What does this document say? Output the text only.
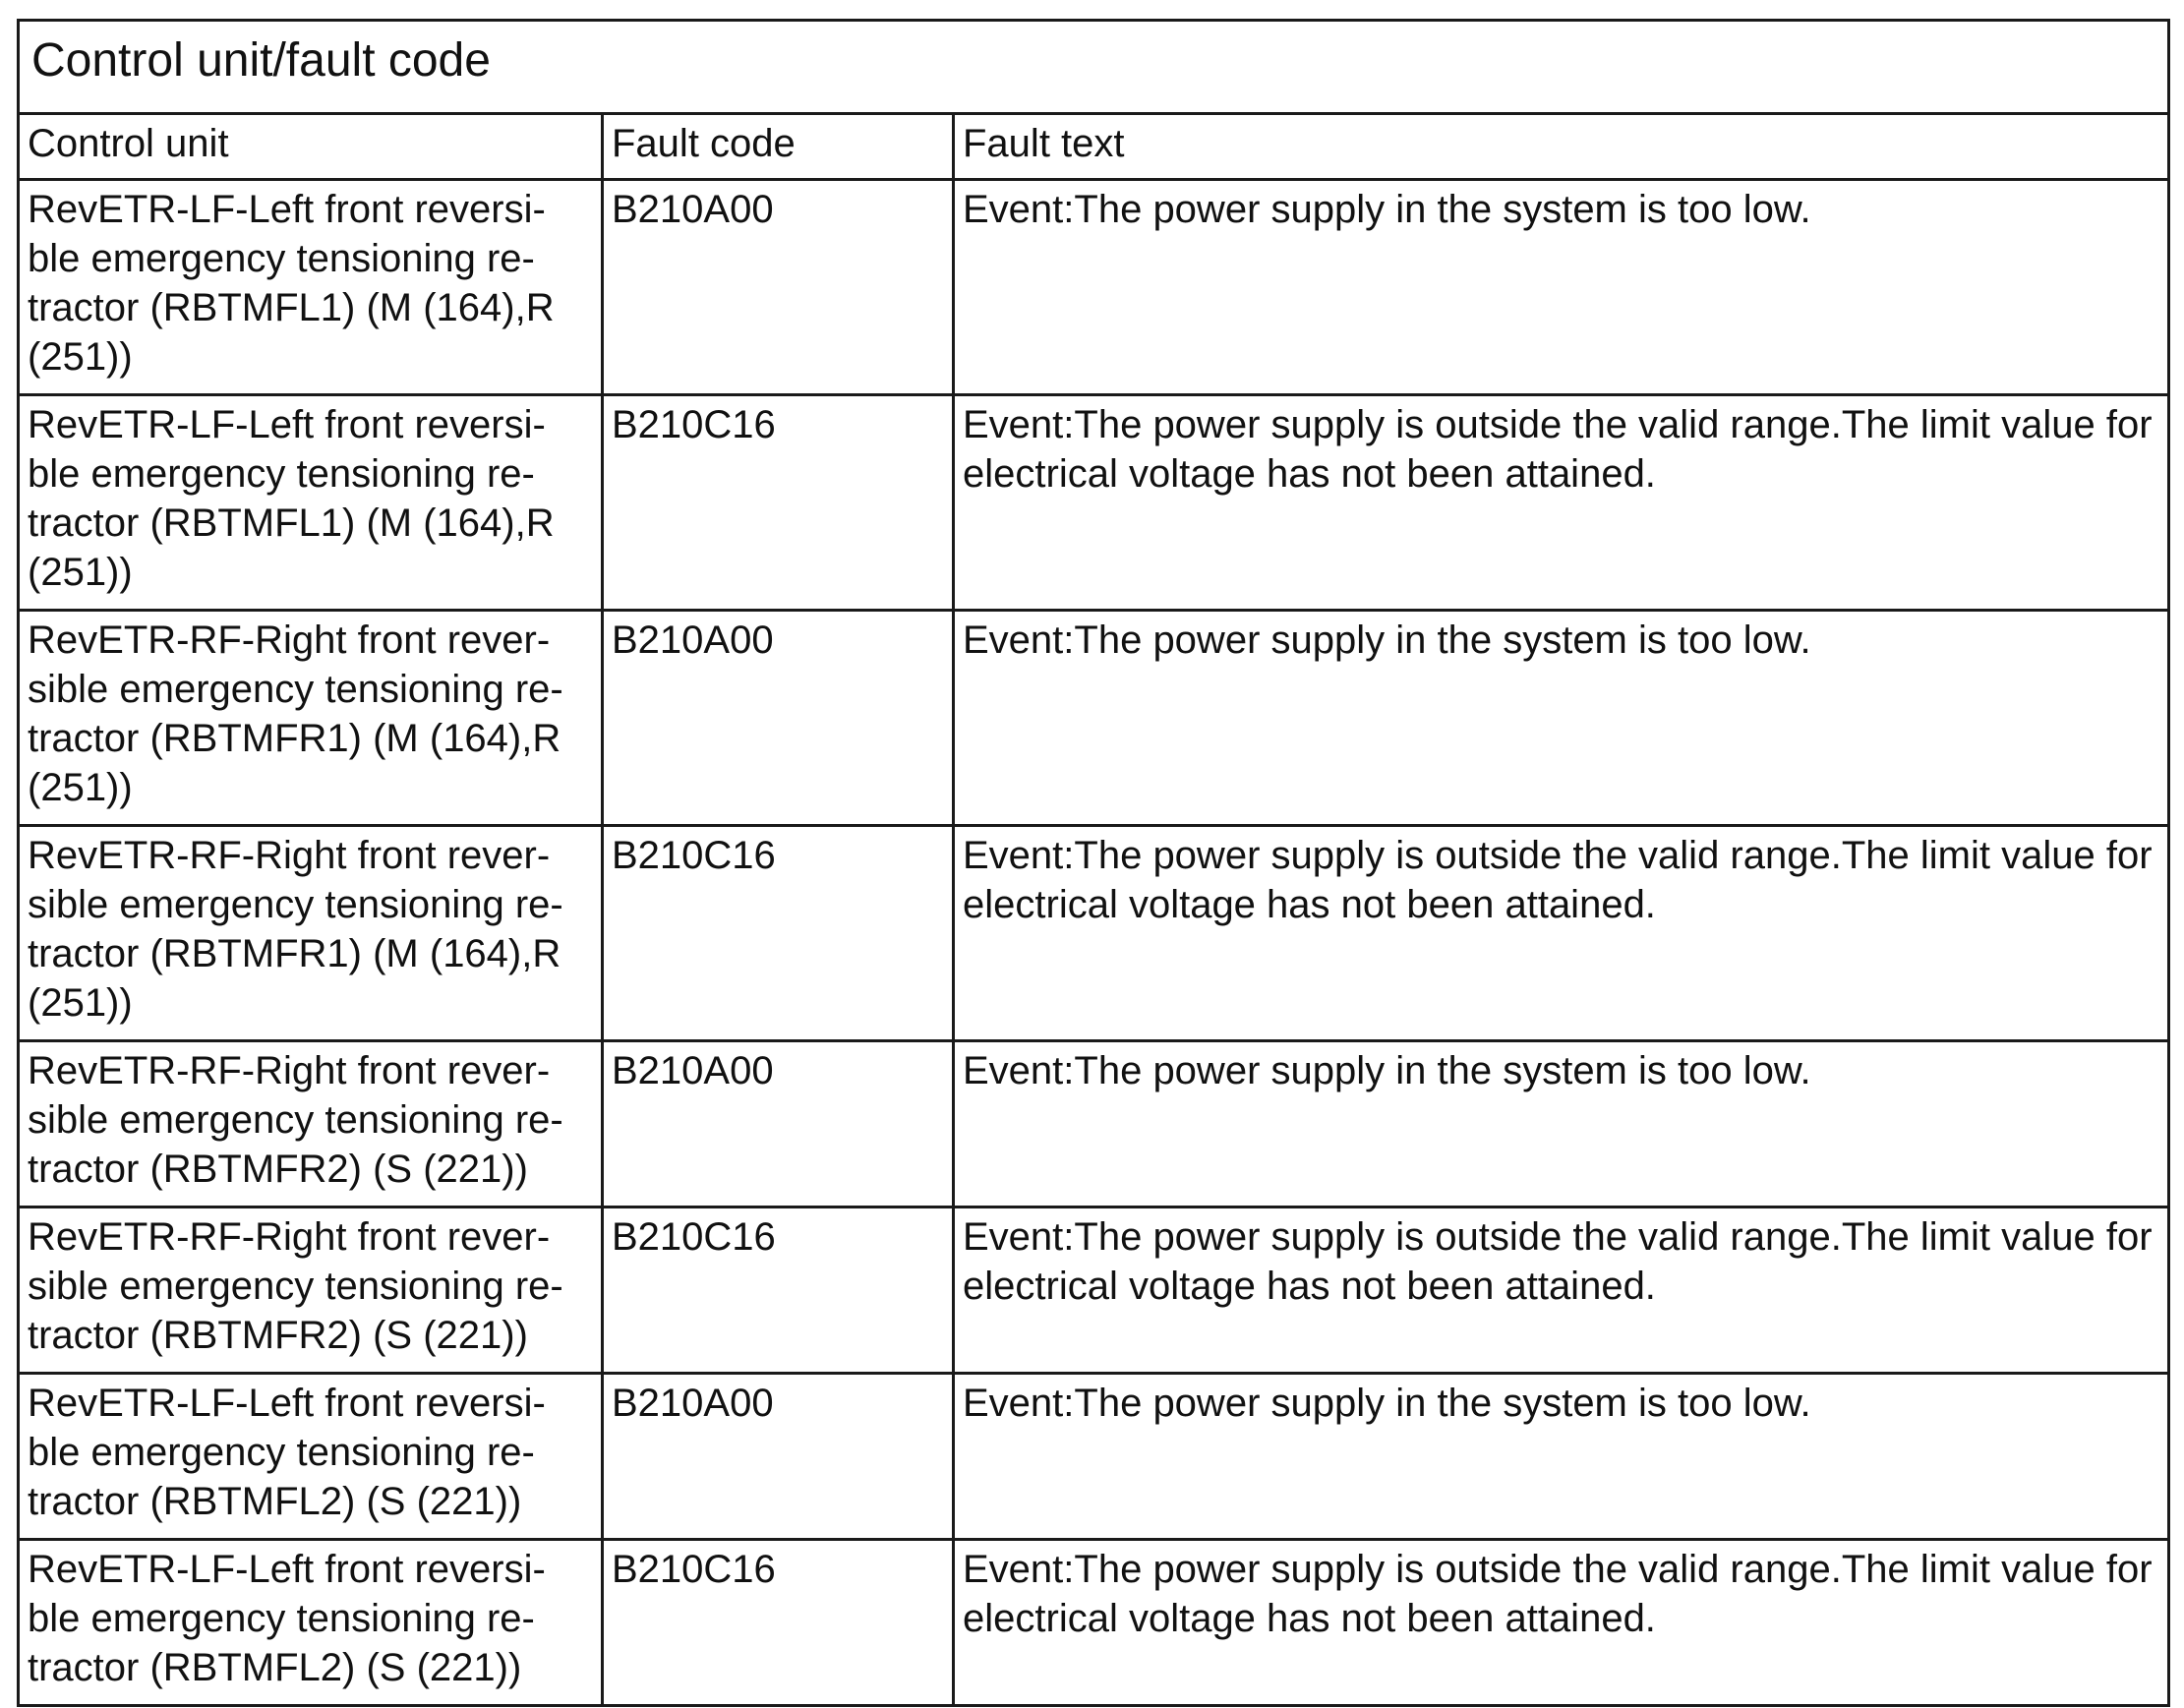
Control unit/fault code		
Control unit	Fault code	Fault text
RevETR-LF-Left front reversi-
ble emergency tensioning re-
tractor (RBTMFL1) (M (164),R
(251))	B210A00	Event:The power supply in the system is too low.
RevETR-LF-Left front reversi-
ble emergency tensioning re-
tractor (RBTMFL1) (M (164),R
(251))	B210C16	Event:The power supply is outside the valid range.The limit value for electrical voltage has not been attained.
RevETR-RF-Right front rever-
sible emergency tensioning re-
tractor (RBTMFR1) (M (164),R
(251))	B210A00	Event:The power supply in the system is too low.
RevETR-RF-Right front rever-
sible emergency tensioning re-
tractor (RBTMFR1) (M (164),R
(251))	B210C16	Event:The power supply is outside the valid range.The limit value for electrical voltage has not been attained.
RevETR-RF-Right front rever-
sible emergency tensioning re-
tractor (RBTMFR2) (S (221))	B210A00	Event:The power supply in the system is too low.
RevETR-RF-Right front rever-
sible emergency tensioning re-
tractor (RBTMFR2) (S (221))	B210C16	Event:The power supply is outside the valid range.The limit value for electrical voltage has not been attained.
RevETR-LF-Left front reversi-
ble emergency tensioning re-
tractor (RBTMFL2) (S (221))	B210A00	Event:The power supply in the system is too low.
RevETR-LF-Left front reversi-
ble emergency tensioning re-
tractor (RBTMFL2) (S (221))	B210C16	Event:The power supply is outside the valid range.The limit value for electrical voltage has not been attained.
